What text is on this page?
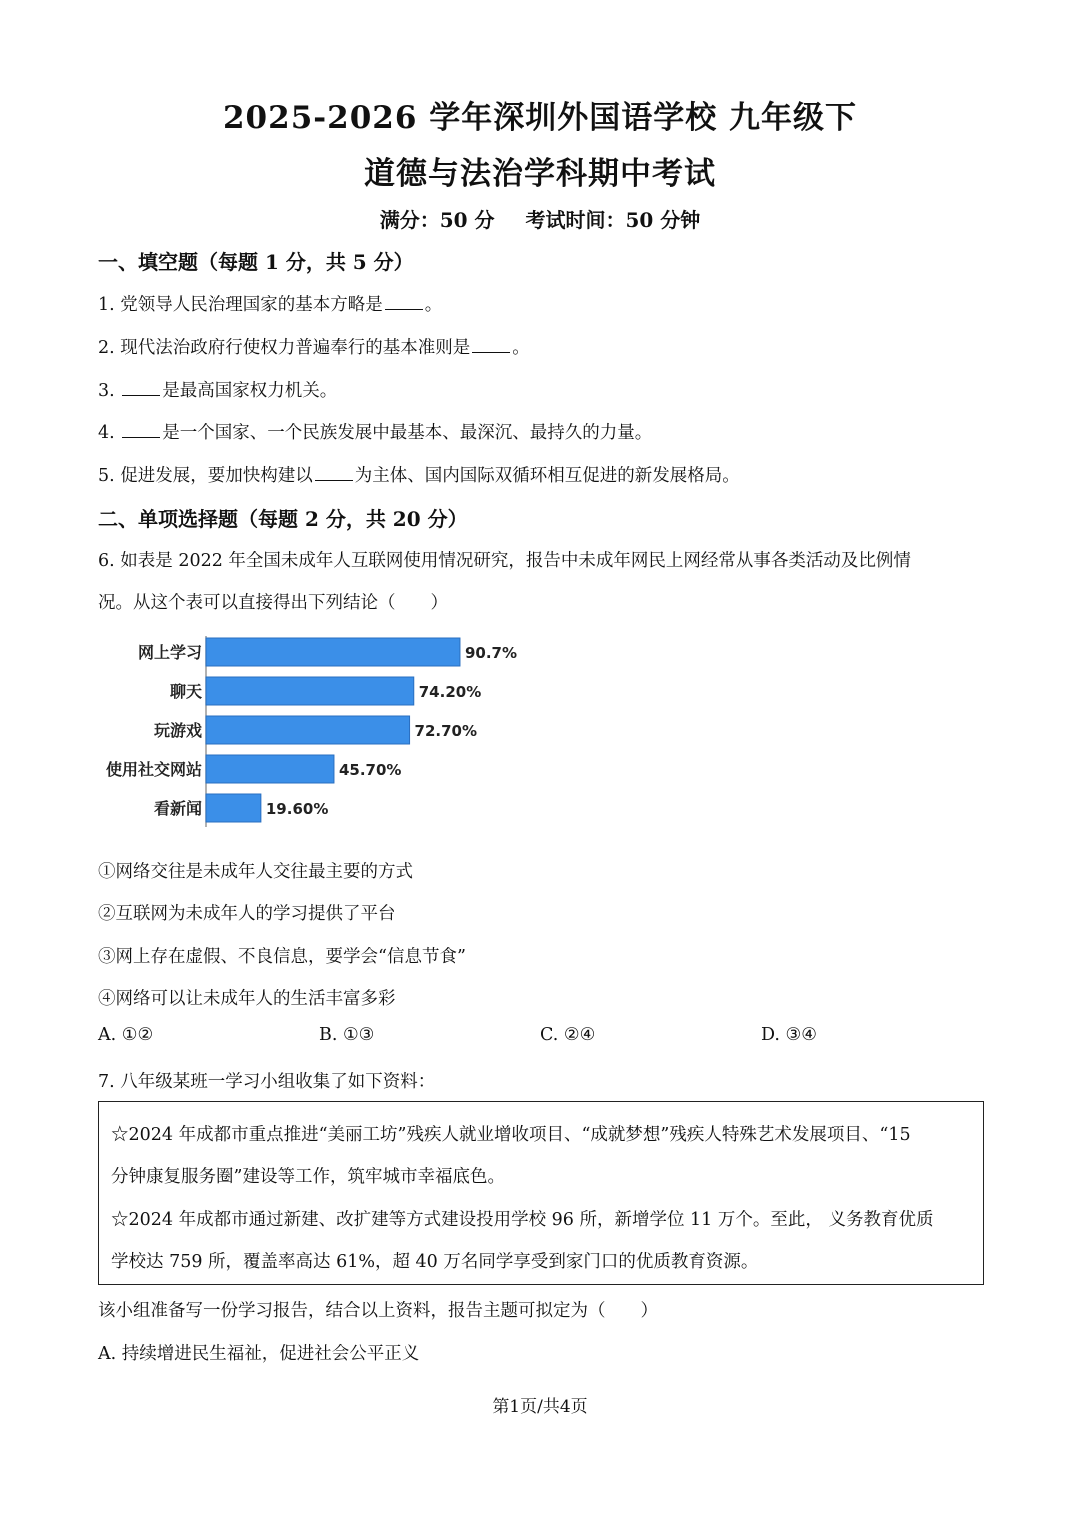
2025-2026 学年深圳外国语学校 九年级下
道德与法治学科期中考试
满分：50 分 考试时间：50 分钟
一、填空题（每题 1 分，共 5 分）
1. 党领导人民治理国家的基本方略是 。
2. 现代法治政府行使权力普遍奉行的基本准则是 。
3. 是最高国家权力机关。
4. 是一个国家、一个民族发展中最基本、最深沉、最持久的力量。
5. 促进发展，要加快构建以 为主体、国内国际双循环相互促进的新发展格局。
二、单项选择题（每题 2 分，共 20 分）
6. 如表是 2022 年全国未成年人互联网使用情况研究，报告中未成年网民上网经常从事各类活动及比例情
况。从这个表可以直接得出下列结论（　　）
网上学习	90.7%
聊天	74.20%
玩游戏	72.70%
使用社交网站	45.70%
看新闻	19.60%
①网络交往是未成年人交往最主要的方式
②互联网为未成年人的学习提供了平台
③网上存在虚假、不良信息，要学会“信息节食”
④网络可以让未成年人的生活丰富多彩
A. ①②	B. ①③	C. ②④	D. ③④
7. 八年级某班一学习小组收集了如下资料：
☆2024 年成都市重点推进“美丽工坊”残疾人就业增收项目、“成就梦想”残疾人特殊艺术发展项目、“15
分钟康复服务圈”建设等工作，筑牢城市幸福底色。
☆2024 年成都市通过新建、改扩建等方式建设投用学校 96 所，新增学位 11 万个。至此， 义务教育优质
学校达 759 所，覆盖率高达 61%，超 40 万名同学享受到家门口的优质教育资源。
该小组准备写一份学习报告，结合以上资料，报告主题可拟定为（　　）
A. 持续增进民生福祉，促进社会公平正义
第1页/共4页
